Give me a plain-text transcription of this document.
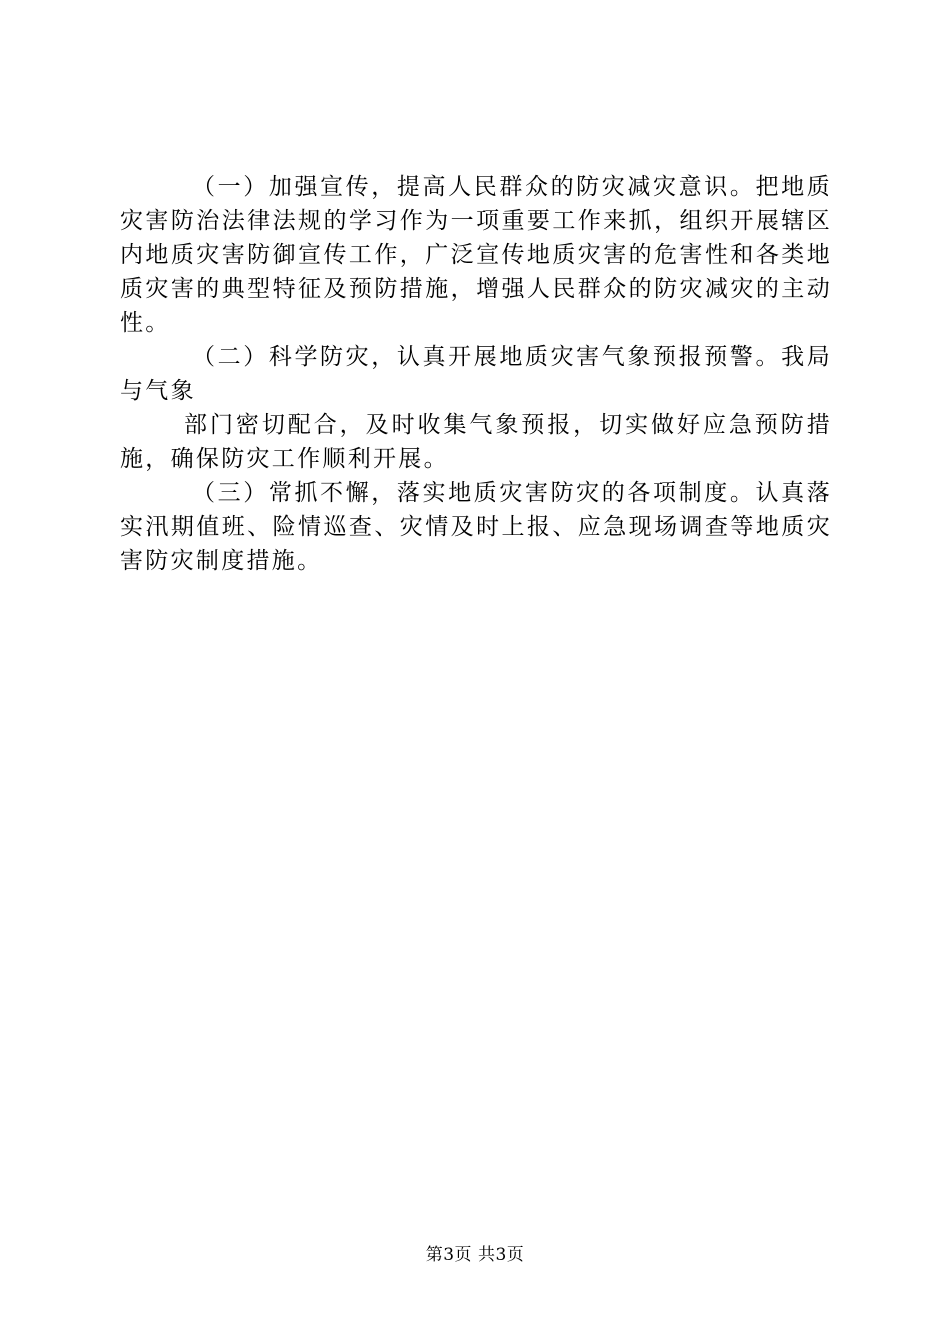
（一）加强宣传，提高人民群众的防灾减灾意识。把地质灾害防治法律法规的学习作为一项重要工作来抓，组织开展辖区内地质灾害防御宣传工作，广泛宣传地质灾害的危害性和各类地质灾害的典型特征及预防措施，增强人民群众的防灾减灾的主动性。

（二）科学防灾，认真开展地质灾害气象预报预警。我局与气象

部门密切配合，及时收集气象预报，切实做好应急预防措施，确保防灾工作顺利开展。

（三）常抓不懈，落实地质灾害防灾的各项制度。认真落实汛期值班、险情巡查、灾情及时上报、应急现场调查等地质灾害防灾制度措施。

第3页 共3页
